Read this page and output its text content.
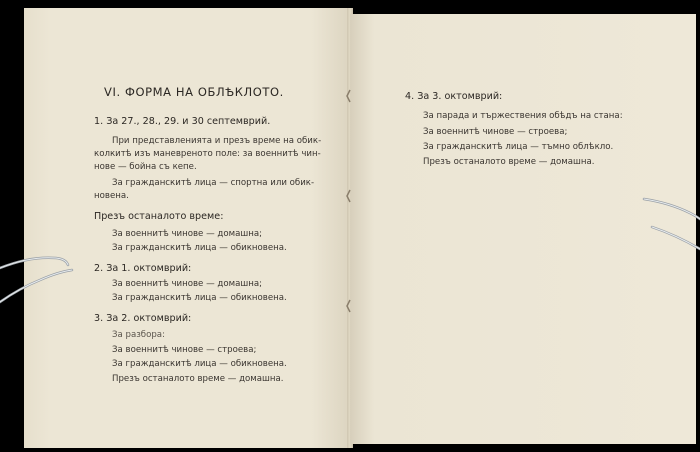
VI. ФОРМА НА ОБЛѢКЛОТО.
1. За 27., 28., 29. и 30 септемврий.
При представленията и презъ време на обик-
колкитѣ изъ маневреното поле: за военнитѣ чин-
нове — бойна съ кепе.
За гражданскитѣ лица — спортна или обик-
новена.
Презъ останалото време:
За военнитѣ чинове — домашна;
За гражданскитѣ лица — обикновена.
2. За 1. октомврий:
За военнитѣ чинове — домашна;
За гражданскитѣ лица — обикновена.
3. За 2. октомврий:
За разбора:
За военнитѣ чинове — строева;
За гражданскитѣ лица — обикновена.
Презъ останалото време — домашна.
4. За 3. октомврий:
За парада и тържествения обѣдъ на стана:
За военнитѣ чинове — строева;
За гражданскитѣ лица — тъмно облѣкло.
Презъ останалото време — домашна.
